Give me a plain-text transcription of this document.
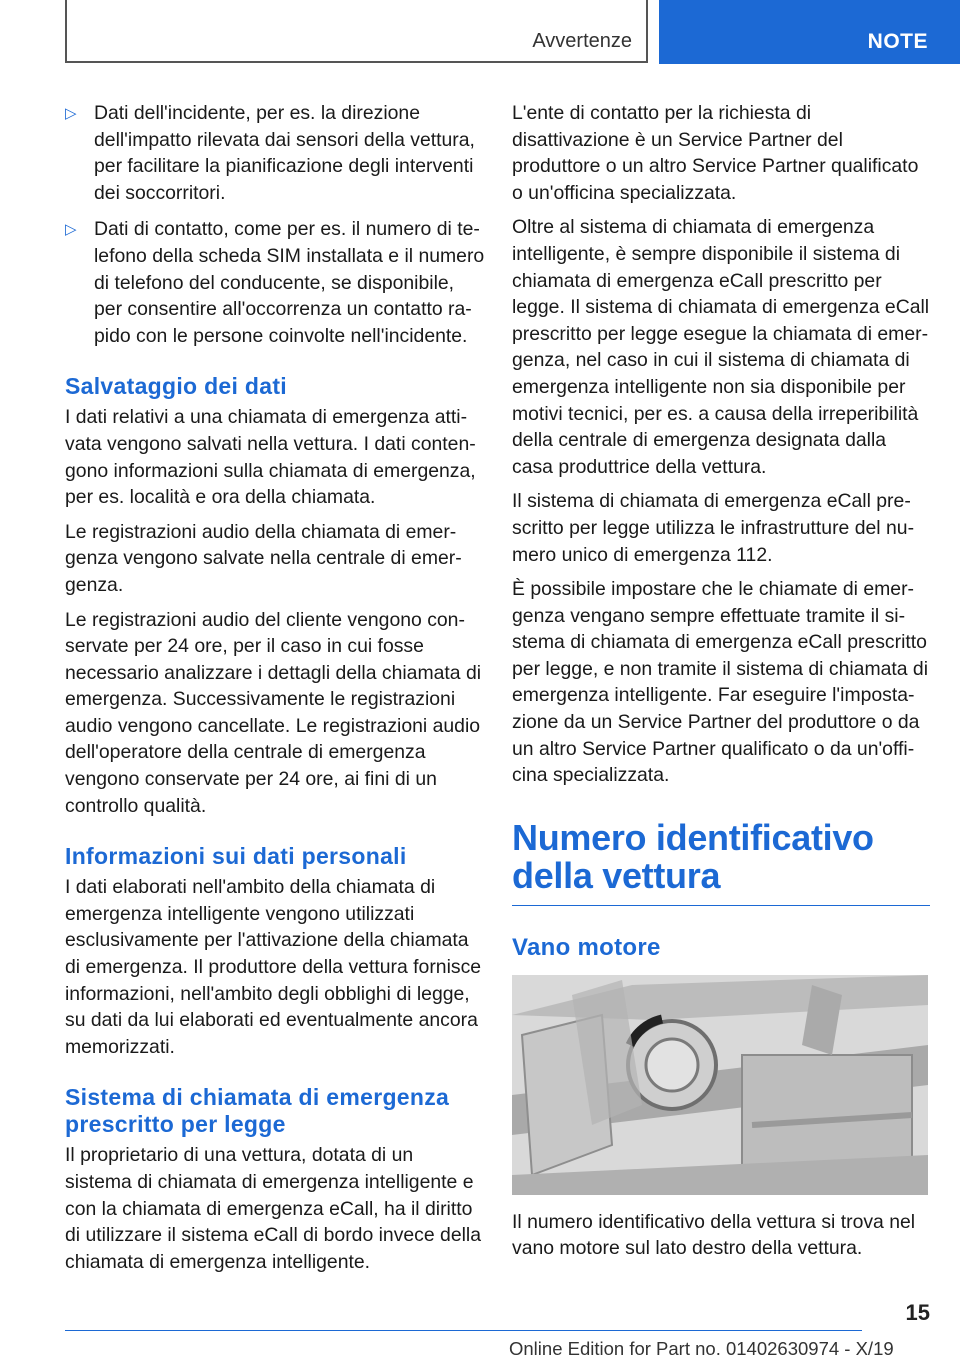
Avvertenze	NOTE
▷ Dati dell'incidente, per es. la direzione dell'impatto rilevata dai sensori della vettura, per facilitare la pianificazione degli interventi dei soccorritori.
▷ Dati di contatto, come per es. il numero di telefono della scheda SIM installata e il numero di telefono del conducente, se disponibile, per consentire all'occorrenza un contatto rapido con le persone coinvolte nell'incidente.
Salvataggio dei dati

I dati relativi a una chiamata di emergenza attivata vengono salvati nella vettura. I dati contengono informazioni sulla chiamata di emergenza, per es. località e ora della chiamata.

Le registrazioni audio della chiamata di emergenza vengono salvate nella centrale di emergenza.

Le registrazioni audio del cliente vengono conservate per 24 ore, per il caso in cui fosse necessario analizzare i dettagli della chiamata di emergenza. Successivamente le registrazioni audio vengono cancellate. Le registrazioni audio dell'operatore della centrale di emergenza vengono conservate per 24 ore, ai fini di un controllo qualità.

Informazioni sui dati personali

I dati elaborati nell'ambito della chiamata di emergenza intelligente vengono utilizzati esclusivamente per l'attivazione della chiamata di emergenza. Il produttore della vettura fornisce informazioni, nell'ambito degli obblighi di legge, su dati da lui elaborati ed eventualmente ancora memorizzati.

Sistema di chiamata di emergenza prescritto per legge

Il proprietario di una vettura, dotata di un sistema di chiamata di emergenza intelligente e con la chiamata di emergenza eCall, ha il diritto di utilizzare il sistema eCall di bordo invece della chiamata di emergenza intelligente.

L'ente di contatto per la richiesta di disattivazione è un Service Partner del produttore o un altro Service Partner qualificato o un'officina specializzata.

Oltre al sistema di chiamata di emergenza intelligente, è sempre disponibile il sistema di chiamata di emergenza eCall prescritto per legge. Il sistema di chiamata di emergenza eCall prescritto per legge esegue la chiamata di emergenza, nel caso in cui il sistema di chiamata di emergenza intelligente non sia disponibile per motivi tecnici, per es. a causa della irreperibilità della centrale di emergenza designata dalla casa produttrice della vettura.

Il sistema di chiamata di emergenza eCall prescritto per legge utilizza le infrastrutture del numero unico di emergenza 112.

È possibile impostare che le chiamate di emergenza vengano sempre effettuate tramite il sistema di chiamata di emergenza eCall prescritto per legge, e non tramite il sistema di chiamata di emergenza intelligente. Far eseguire l'impostazione da un Service Partner del produttore o da un altro Service Partner qualificato o da un'officina specializzata.

Numero identificativo della vettura
Vano motore

Il numero identificativo della vettura si trova nel vano motore sul lato destro della vettura.

15
Online Edition for Part no. 01402630974 - X/19
